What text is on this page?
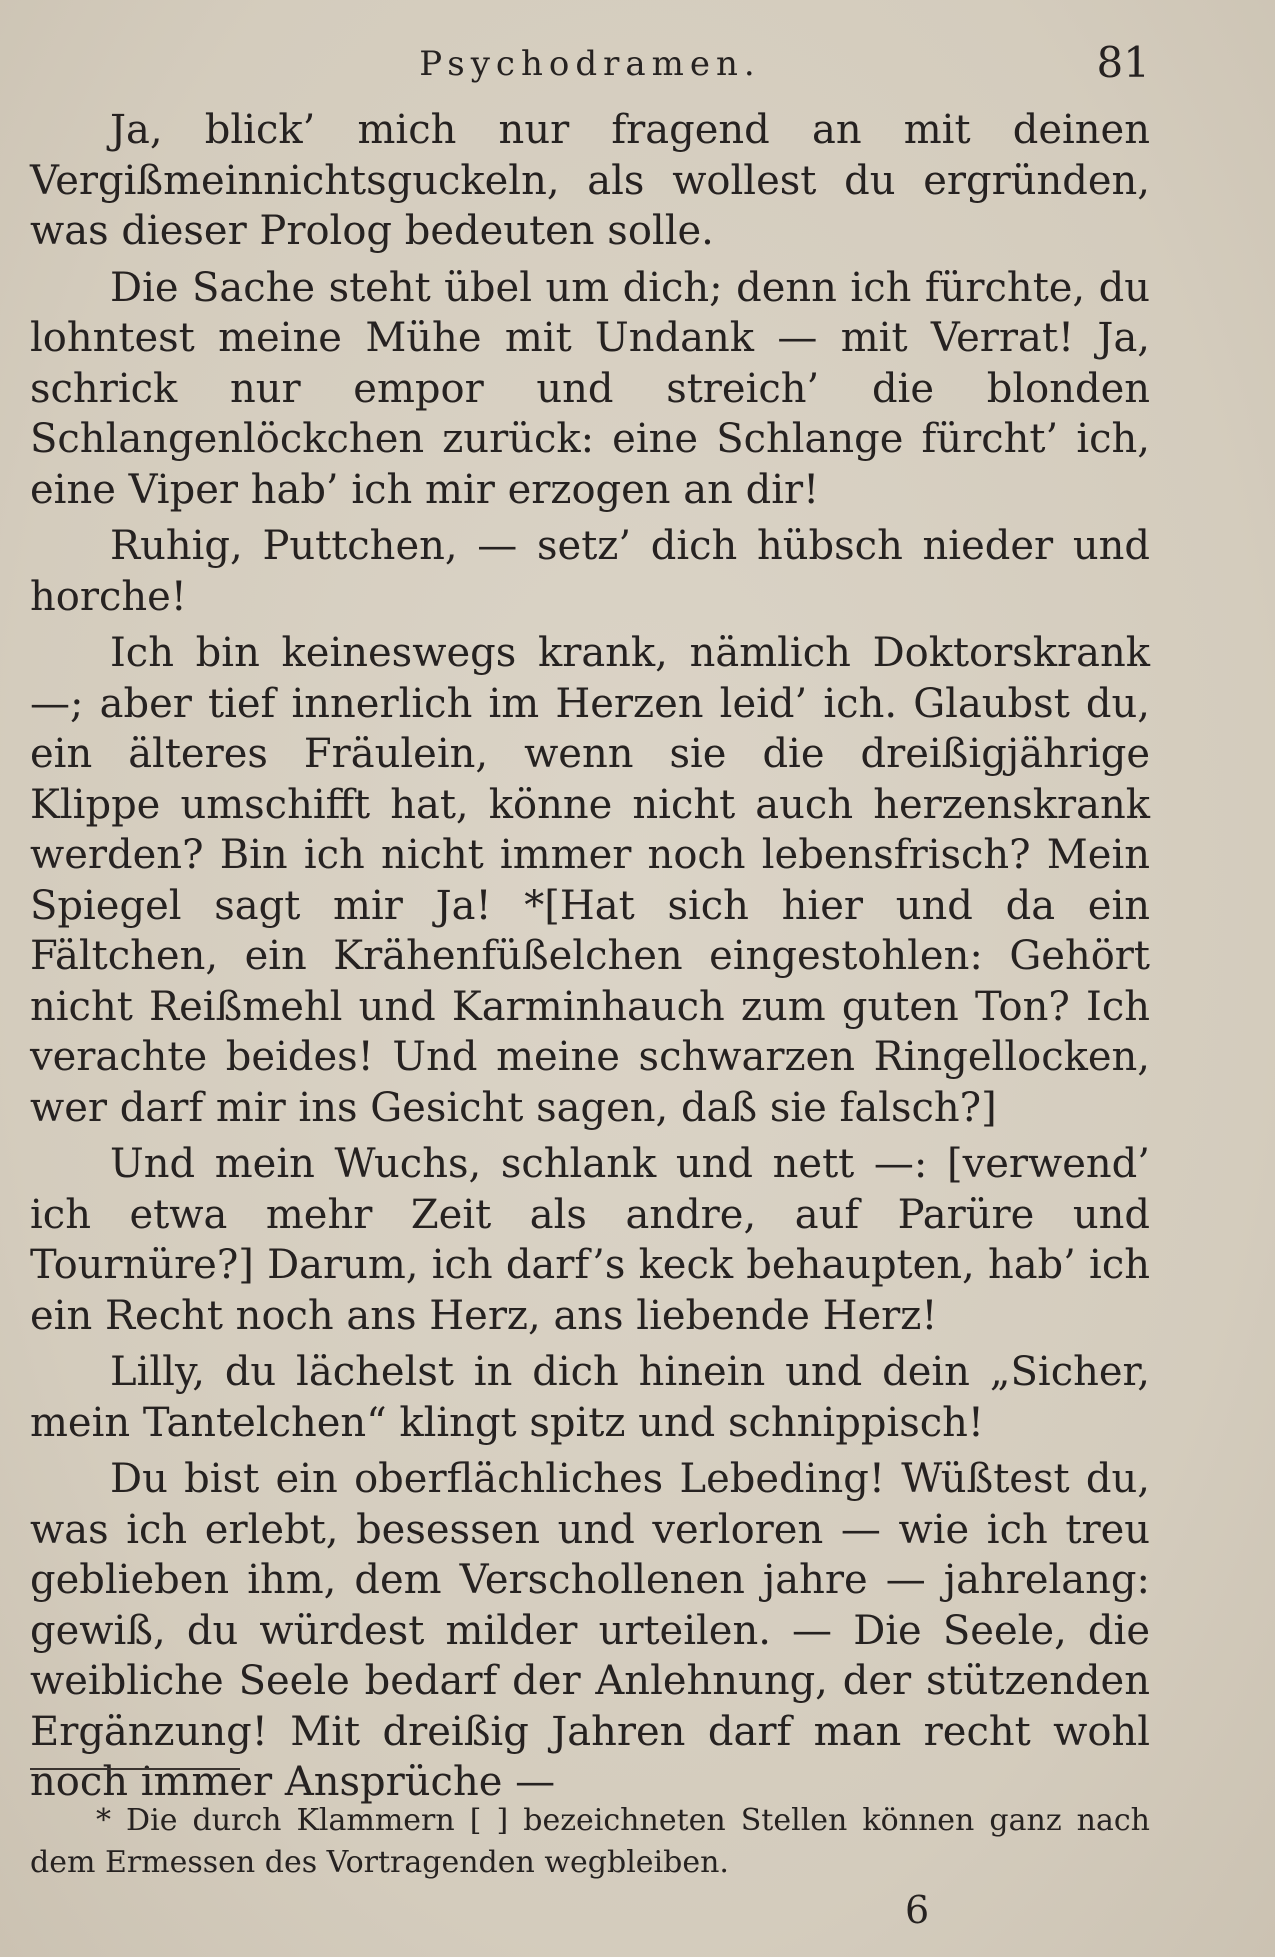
Psychodramen.	81

Ja, blick’ mich nur fragend an mit deinen Vergißmeinnichtsguckeln, als wollest du ergründen, was dieser Prolog bedeuten solle.

Die Sache steht übel um dich; denn ich fürchte, du lohntest meine Mühe mit Undank — mit Verrat! Ja, schrick nur empor und streich’ die blonden Schlangenlöckchen zurück: eine Schlange fürcht’ ich, eine Viper hab’ ich mir erzogen an dir!

Ruhig, Puttchen, — setz’ dich hübsch nieder und horche!

Ich bin keineswegs krank, nämlich Doktorskrank —; aber tief innerlich im Herzen leid’ ich. Glaubst du, ein älteres Fräulein, wenn sie die dreißigjährige Klippe umschifft hat, könne nicht auch herzenskrank werden? Bin ich nicht immer noch lebensfrisch? Mein Spiegel sagt mir Ja! *[Hat sich hier und da ein Fältchen, ein Krähenfüßelchen eingestohlen: Gehört nicht Reißmehl und Karminhauch zum guten Ton? Ich verachte beides! Und meine schwarzen Ringellocken, wer darf mir ins Gesicht sagen, daß sie falsch?]

Und mein Wuchs, schlank und nett —: [verwend’ ich etwa mehr Zeit als andre, auf Parüre und Tournüre?] Darum, ich darf’s keck behaupten, hab’ ich ein Recht noch ans Herz, ans liebende Herz!

Lilly, du lächelst in dich hinein und dein „Sicher, mein Tantelchen“ klingt spitz und schnippisch!

Du bist ein oberflächliches Lebeding! Wüßtest du, was ich erlebt, besessen und verloren — wie ich treu geblieben ihm, dem Verschollenen jahre — jahrelang: gewiß, du würdest milder urteilen. — Die Seele, die weibliche Seele bedarf der Anlehnung, der stützenden Ergänzung! Mit dreißig Jahren darf man recht wohl noch immer Ansprüche —

* Die durch Klammern [ ] bezeichneten Stellen können ganz nach dem Ermessen des Vortragenden wegbleiben.
6
